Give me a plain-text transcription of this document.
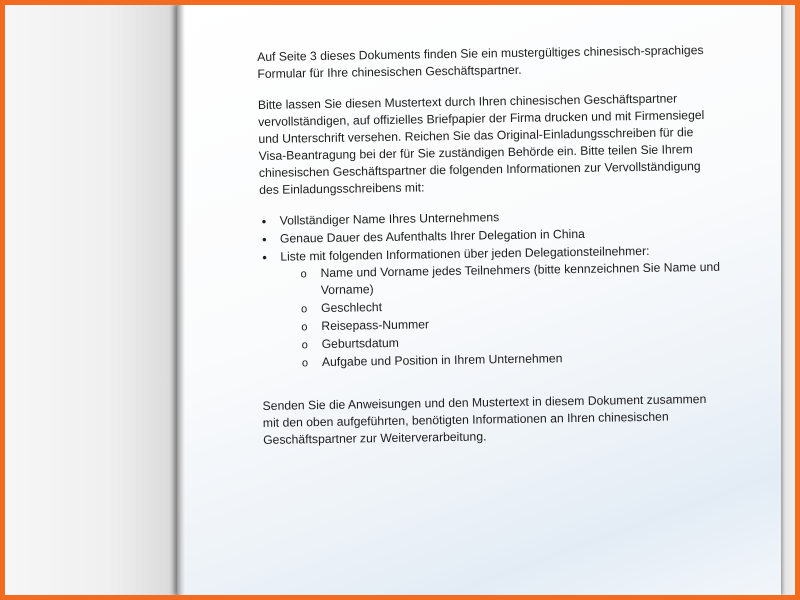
Auf Seite 3 dieses Dokuments finden Sie ein mustergültiges chinesisch-sprachiges Formular für Ihre chinesischen Geschäftspartner.

Bitte lassen Sie diesen Mustertext durch Ihren chinesischen Geschäftspartner vervollständigen, auf offizielles Briefpapier der Firma drucken und mit Firmensiegel und Unterschrift versehen. Reichen Sie das Original-Einladungsschreiben für die Visa-Beantragung bei der für Sie zuständigen Behörde ein. Bitte teilen Sie Ihrem chinesischen Geschäftspartner die folgenden Informationen zur Vervollständigung des Einladungsschreibens mit:

• Vollständiger Name Ihres Unternehmens
• Genaue Dauer des Aufenthalts Ihrer Delegation in China
• Liste mit folgenden Informationen über jeden Delegationsteilnehmer:
o Name und Vorname jedes Teilnehmers (bitte kennzeichnen Sie Name und Vorname)
o Geschlecht
o Reisepass-Nummer
o Geburtsdatum
o Aufgabe und Position in Ihrem Unternehmen

Senden Sie die Anweisungen und den Mustertext in diesem Dokument zusammen mit den oben aufgeführten, benötigten Informationen an Ihren chinesischen Geschäftspartner zur Weiterverarbeitung.
